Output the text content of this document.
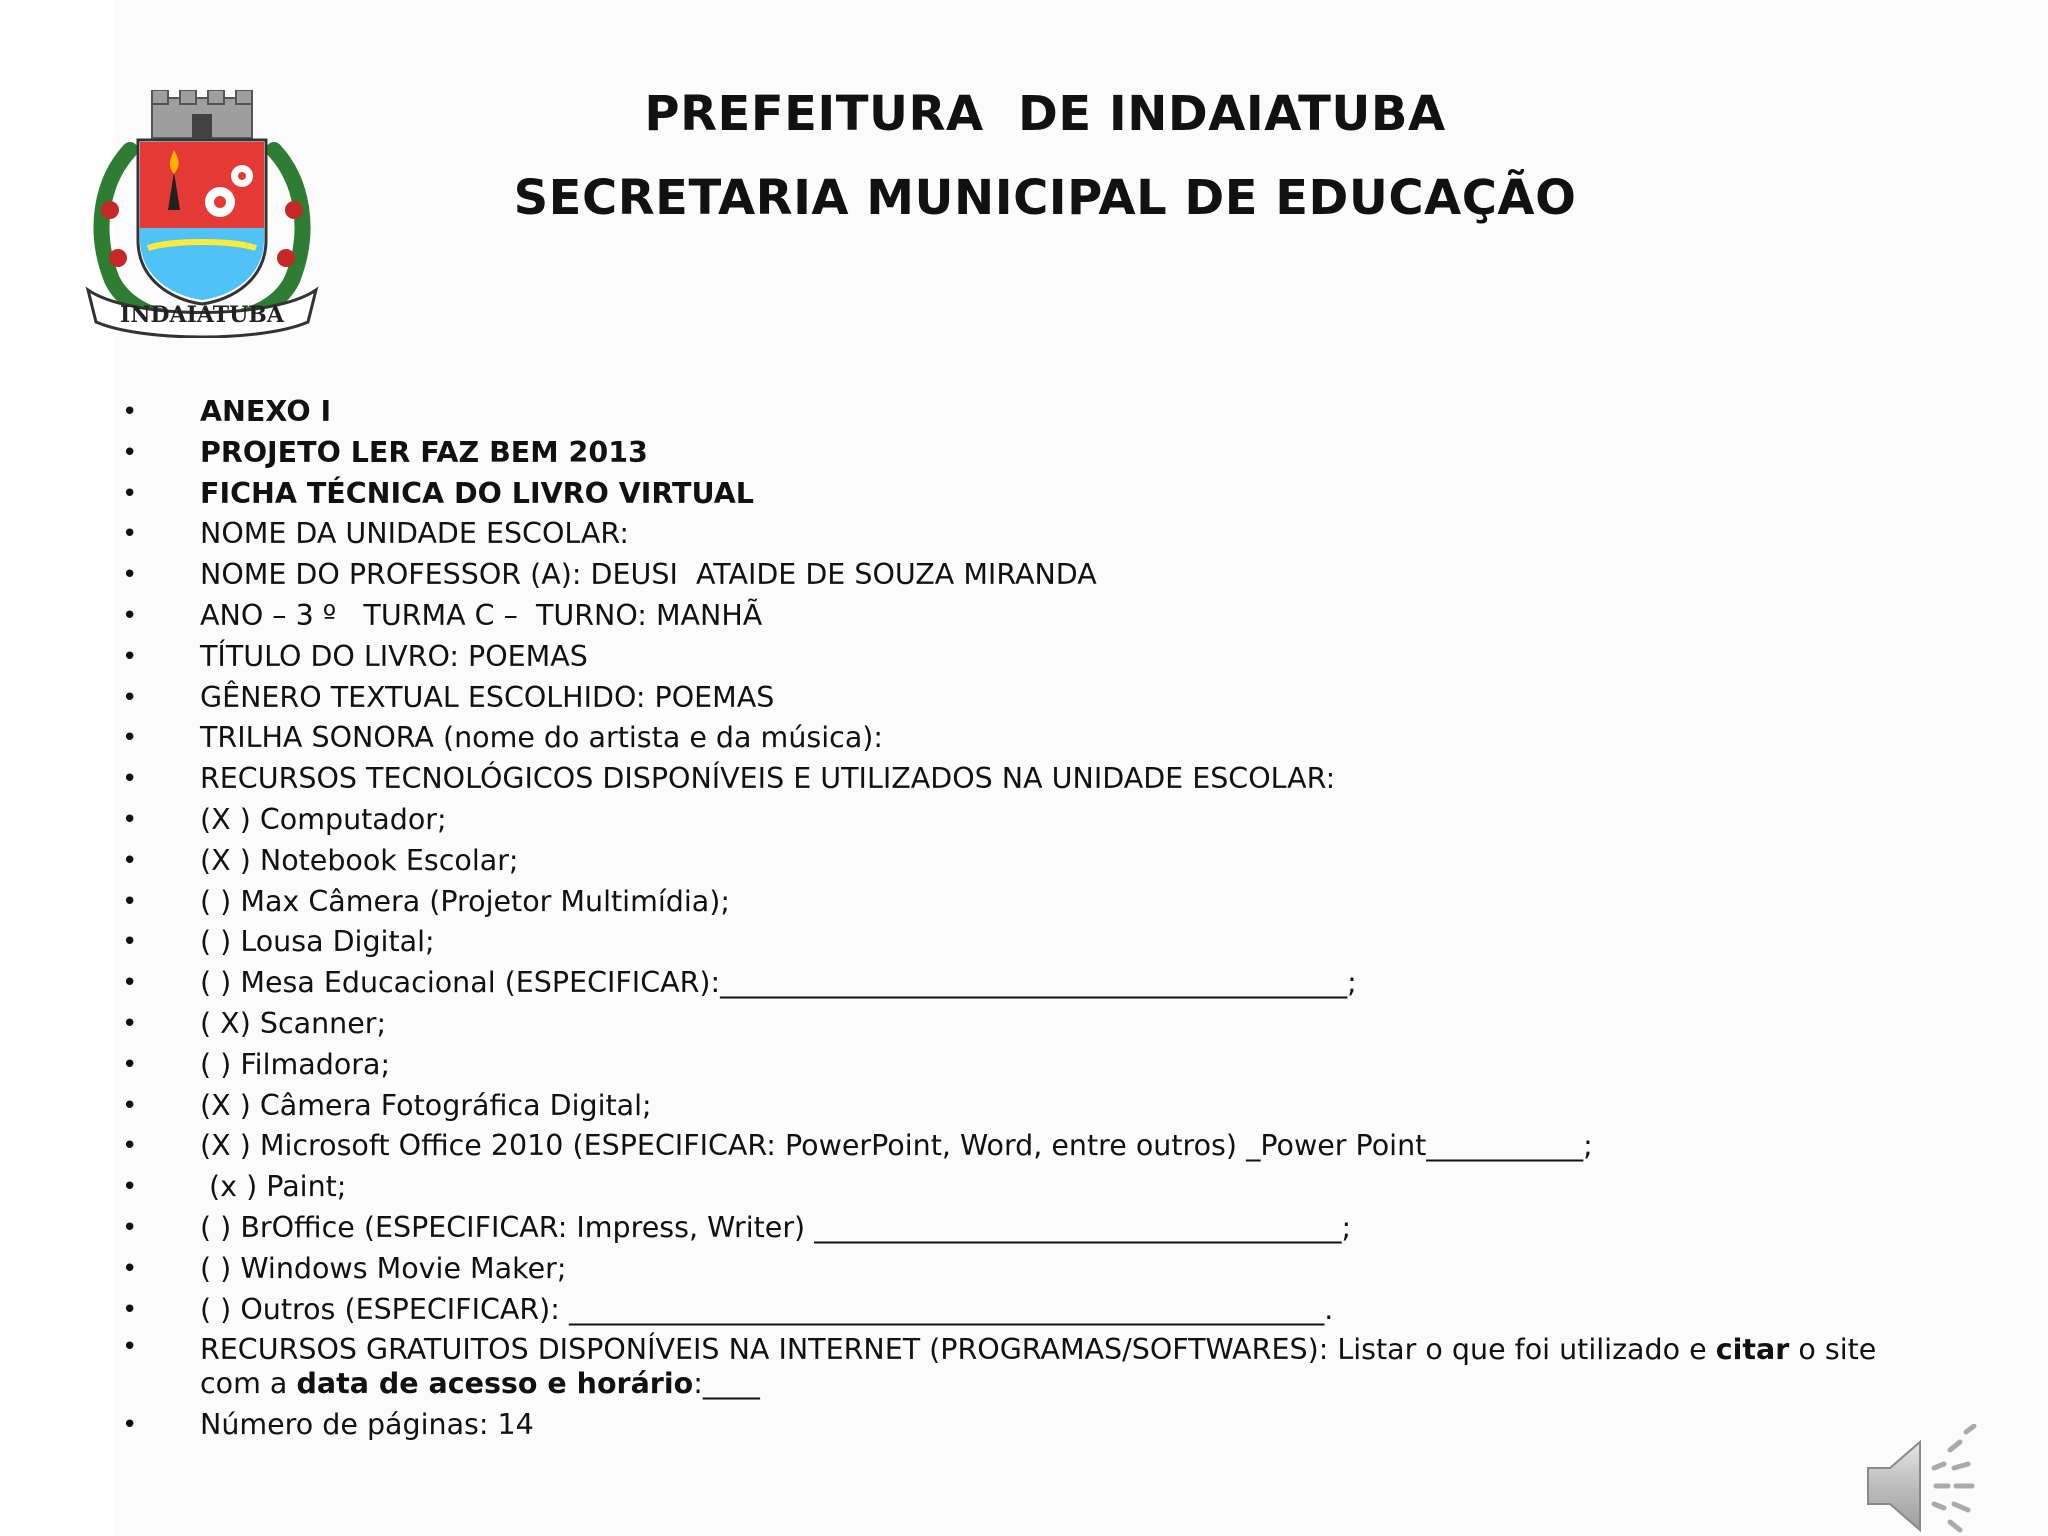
INDAIATUBA
PREFEITURA  DE INDAIATUBA
SECRETARIA MUNICIPAL DE EDUCAÇÃO
• ANEXO I
• PROJETO LER FAZ BEM 2013
• FICHA TÉCNICA DO LIVRO VIRTUAL
• NOME DA UNIDADE ESCOLAR:
• NOME DO PROFESSOR (A): DEUSI  ATAIDE DE SOUZA MIRANDA
• ANO – 3 º   TURMA C –  TURNO: MANHÃ
• TÍTULO DO LIVRO: POEMAS
• GÊNERO TEXTUAL ESCOLHIDO: POEMAS
• TRILHA SONORA (nome do artista e da música):
• RECURSOS TECNOLÓGICOS DISPONÍVEIS E UTILIZADOS NA UNIDADE ESCOLAR:
• (X ) Computador;
• (X ) Notebook Escolar;
• ( ) Max Câmera (Projetor Multimídia);
• ( ) Lousa Digital;
• ( ) Mesa Educacional (ESPECIFICAR):____________________________________________;
• ( X) Scanner;
• ( ) Filmadora;
• (X ) Câmera Fotográfica Digital;
• (X ) Microsoft Office 2010 (ESPECIFICAR: PowerPoint, Word, entre outros) _Power Point___________;
• (x ) Paint;
• ( ) BrOffice (ESPECIFICAR: Impress, Writer) _____________________________________;
• ( ) Windows Movie Maker;
• ( ) Outros (ESPECIFICAR): _____________________________________________________.
• RECURSOS GRATUITOS DISPONÍVEIS NA INTERNET (PROGRAMAS/SOFTWARES): Listar o que foi utilizado e citar o site com a data de acesso e horário:____
• Número de páginas: 14
